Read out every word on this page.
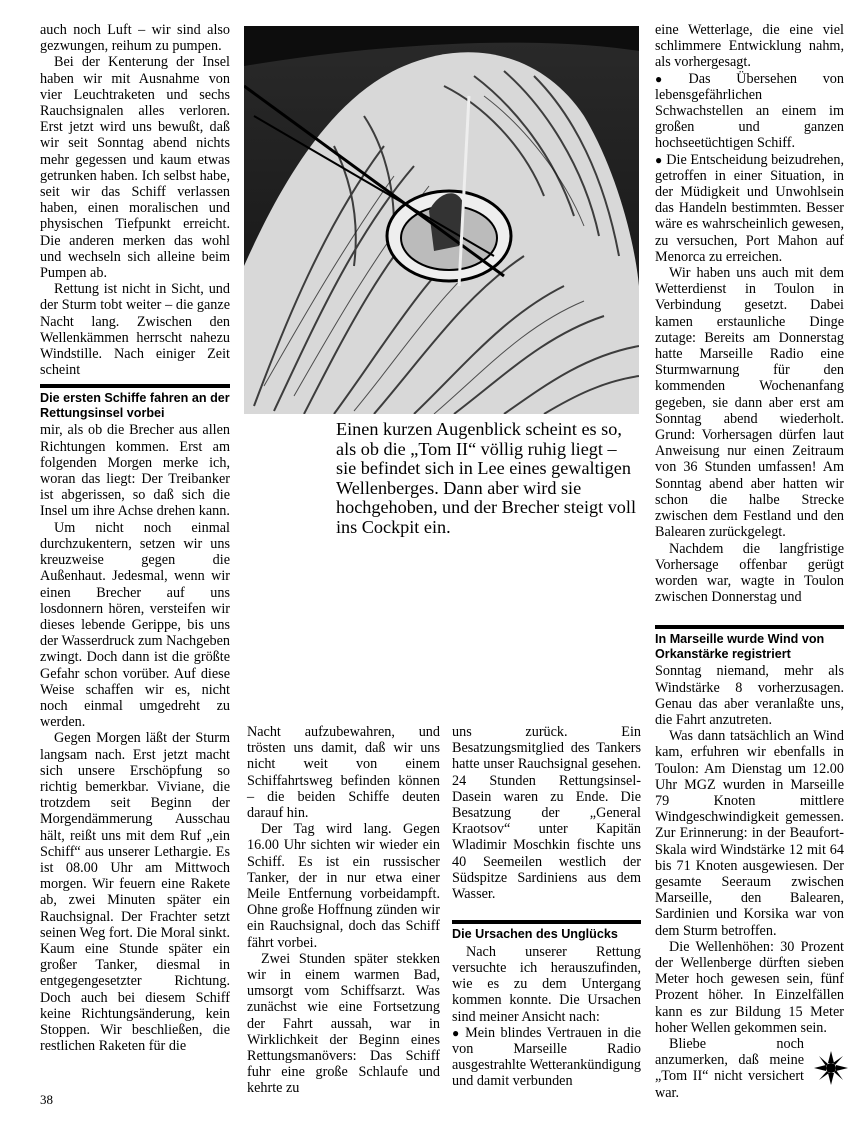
auch noch Luft – wir sind also gezwungen, reihum zu pumpen.

Bei der Kenterung der Insel haben wir mit Ausnahme von vier Leuchtraketen und sechs Rauchsignalen alles verloren. Erst jetzt wird uns bewußt, daß wir seit Sonntag abend nichts mehr gegessen und kaum etwas getrunken haben. Ich selbst habe, seit wir das Schiff verlassen haben, einen moralischen und physischen Tiefpunkt erreicht. Die anderen merken das wohl und wechseln sich alleine beim Pumpen ab.

Rettung ist nicht in Sicht, und der Sturm tobt weiter – die ganze Nacht lang. Zwischen den Wellenkämmen herrscht nahezu Windstille. Nach einiger Zeit scheint

Die ersten Schiffe fahren an der Rettungsinsel vorbei

mir, als ob die Brecher aus allen Richtungen kommen. Erst am folgenden Morgen merke ich, woran das liegt: Der Treibanker ist abgerissen, so daß sich die Insel um ihre Achse drehen kann.

Um nicht noch einmal durchzukentern, setzen wir uns kreuzweise gegen die Außenhaut. Jedesmal, wenn wir einen Brecher auf uns losdonnern hören, versteifen wir dieses lebende Gerippe, bis uns der Wasserdruck zum Nachgeben zwingt. Doch dann ist die größte Gefahr schon vorüber. Auf diese Weise schaffen wir es, nicht noch einmal umgedreht zu werden.

Gegen Morgen läßt der Sturm langsam nach. Erst jetzt macht sich unsere Erschöpfung so richtig bemerkbar. Viviane, die trotzdem seit Beginn der Morgendämmerung Ausschau hält, reißt uns mit dem Ruf „ein Schiff“ aus unserer Lethargie. Es ist 08.00 Uhr am Mittwoch morgen. Wir feuern eine Rakete ab, zwei Minuten später ein Rauchsignal. Der Frachter setzt seinen Weg fort. Die Moral sinkt. Kaum eine Stunde später ein großer Tanker, diesmal in entgegengesetzter Richtung. Doch auch bei diesem Schiff keine Richtungsänderung, kein Stoppen. Wir beschließen, die restlichen Raketen für die

Einen kurzen Augenblick scheint es so, als ob die „Tom II“ völlig ruhig liegt – sie befindet sich in Lee eines gewaltigen Wellenberges. Dann aber wird sie hochgehoben, und der Brecher steigt voll ins Cockpit ein.

Nacht aufzubewahren, und trösten uns damit, daß wir uns nicht weit von einem Schiffahrtsweg befinden können – die beiden Schiffe deuten darauf hin.

Der Tag wird lang. Gegen 16.00 Uhr sichten wir wieder ein Schiff. Es ist ein russischer Tanker, der in nur etwa einer Meile Entfernung vorbeidampft. Ohne große Hoffnung zünden wir ein Rauchsignal, doch das Schiff fährt vorbei.

Zwei Stunden später stekken wir in einem warmen Bad, umsorgt vom Schiffsarzt. Was zunächst wie eine Fortsetzung der Fahrt aussah, war in Wirklichkeit der Beginn eines Rettungsmanövers: Das Schiff fuhr eine große Schlaufe und kehrte zu

uns zurück. Ein Besatzungsmitglied des Tankers hatte unser Rauchsignal gesehen. 24 Stunden Rettungsinsel-Dasein waren zu Ende. Die Besatzung der „General Kraotsov“ unter Kapitän Wladimir Moschkin fischte uns 40 Seemeilen westlich der Südspitze Sardiniens aus dem Wasser.

Die Ursachen des Unglücks

Nach unserer Rettung versuchte ich herauszufinden, wie es zu dem Untergang kommen konnte. Die Ursachen sind meiner Ansicht nach:

● Mein blindes Vertrauen in die von Marseille Radio ausgestrahlte Wetterankündigung und damit verbunden

eine Wetterlage, die eine viel schlimmere Entwicklung nahm, als vorhergesagt.

● Das Übersehen von lebensgefährlichen Schwachstellen an einem im großen und ganzen hochseetüchtigen Schiff.

● Die Entscheidung beizudrehen, getroffen in einer Situation, in der Müdigkeit und Unwohlsein das Handeln bestimmten. Besser wäre es wahrscheinlich gewesen, zu versuchen, Port Mahon auf Menorca zu erreichen.

Wir haben uns auch mit dem Wetterdienst in Toulon in Verbindung gesetzt. Dabei kamen erstaunliche Dinge zutage: Bereits am Donnerstag hatte Marseille Radio eine Sturmwarnung für den kommenden Wochenanfang gegeben, sie dann aber erst am Sonntag abend wiederholt. Grund: Vorhersagen dürfen laut Anweisung nur einen Zeitraum von 36 Stunden umfassen! Am Sonntag abend aber hatten wir schon die halbe Strecke zwischen dem Festland und den Balearen zurückgelegt.

Nachdem die langfristige Vorhersage offenbar gerügt worden war, wagte in Toulon zwischen Donnerstag und

In Marseille wurde Wind von Orkanstärke registriert

Sonntag niemand, mehr als Windstärke 8 vorherzusagen. Genau das aber veranlaßte uns, die Fahrt anzutreten.

Was dann tatsächlich an Wind kam, erfuhren wir ebenfalls in Toulon: Am Dienstag um 12.00 Uhr MGZ wurden in Marseille 79 Knoten mittlere Windgeschwindigkeit gemessen. Zur Erinnerung: in der Beaufort-Skala wird Windstärke 12 mit 64 bis 71 Knoten ausgewiesen. Der gesamte Seeraum zwischen Marseille, den Balearen, Sardinien und Korsika war von dem Sturm betroffen.

Die Wellenhöhen: 30 Prozent der Wellenberge dürften sieben Meter hoch gewesen sein, fünf Prozent höher. In Einzelfällen kann es zur Bildung 15 Meter hoher Wellen gekommen sein.

Bliebe noch anzumerken, daß meine „Tom II“ nicht versichert war.

38
